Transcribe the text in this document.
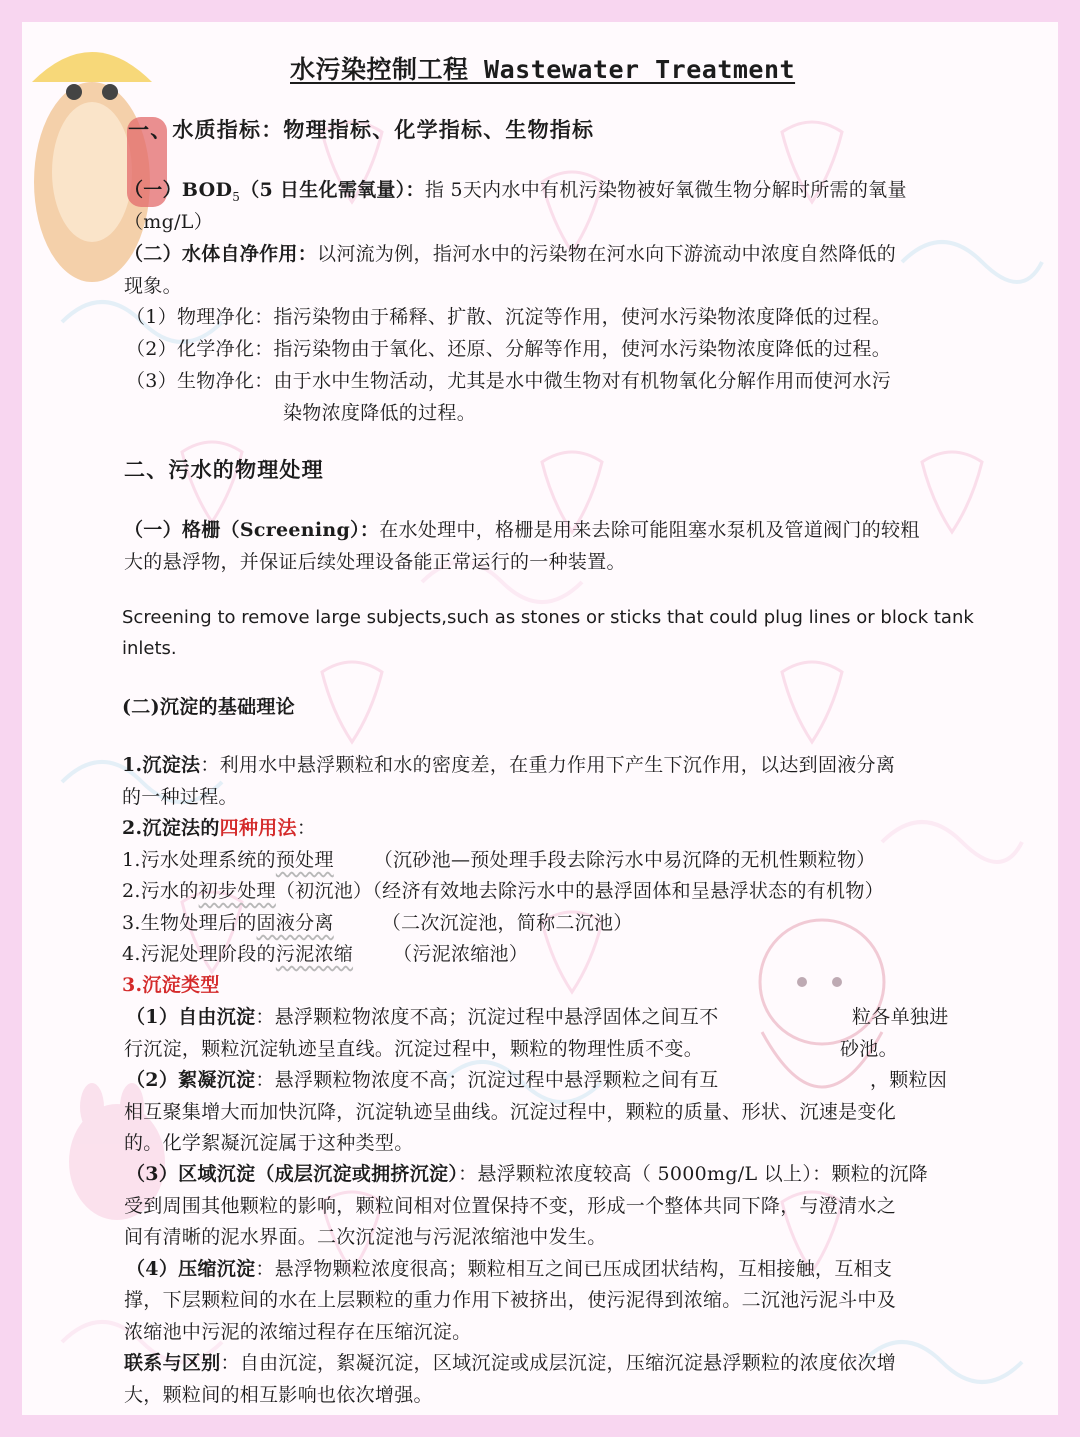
水污染控制工程 Wastewater Treatment

一、水质指标：物理指标、化学指标、生物指标

（一）$BOD_5(5$ 日生化需氧量）：指 5天内水中有机污染物被好氧微生物分解时所需的氧量

（mg/L）

（二）水体自净作用：以河流为例，指河水中的污染物在河水向下游流动中浓度自然降低的

现象。

（1）物理净化：指污染物由于稀释、扩散、沉淀等作用，使河水污染物浓度降低的过程。

（2）化学净化：指污染物由于氧化、还原、分解等作用，使河水污染物浓度降低的过程。

（3）生物净化：由于水中生物活动，尤其是水中微生物对有机物氧化分解作用而使河水污

染物浓度降低的过程。

二、污水的物理处理

（一）格栅（Screening）：在水处理中，格栅是用来去除可能阻塞水泵机及管道阀门的较粗

大的悬浮物，并保证后续处理设备能正常运行的一种装置。

Screening to remove large subjects,such as stones or sticks that could plug lines or block tank

inlets.

(二)沉淀的基础理论

1.沉淀法：利用水中悬浮颗粒和水的密度差，在重力作用下产生下沉作用，以达到固液分离

的一种过程。

2.沉淀法的四种用法：

1.污水处理系统的预处理 （沉砂池—预处理手段去除污水中易沉降的无机性颗粒物）

2.污水的初步处理（初沉池）（经济有效地去除污水中的悬浮固体和呈悬浮状态的有机物）

3.生物处理后的固液分离	（二次沉淀池，简称二沉池）

4.污泥处理阶段的污泥浓缩 （污泥浓缩池）

3.沉淀类型

（1）自由沉淀：悬浮颗粒物浓度不高；沉淀过程中悬浮固体之间互不	粒各单独进

行沉淀，颗粒沉淀轨迹呈直线。沉淀过程中，颗粒的物理性质不变。	砂池。

（2）絮凝沉淀：悬浮颗粒物浓度不高；沉淀过程中悬浮颗粒之间有互	，颗粒因

相互聚集增大而加快沉降，沉淀轨迹呈曲线。沉淀过程中，颗粒的质量、形状、沉速是变化

的。化学絮凝沉淀属于这种类型。

（3）区域沉淀（成层沉淀或拥挤沉淀）：悬浮颗粒浓度较高（ 5000mg/L 以上）：颗粒的沉降

受到周围其他颗粒的影响，颗粒间相对位置保持不变，形成一个整体共同下降，与澄清水之

间有清晰的泥水界面。二次沉淀池与污泥浓缩池中发生。

（4）压缩沉淀：悬浮物颗粒浓度很高；颗粒相互之间已压成团状结构，互相接触，互相支

撑，下层颗粒间的水在上层颗粒的重力作用下被挤出，使污泥得到浓缩。二沉池污泥斗中及

浓缩池中污泥的浓缩过程存在压缩沉淀。

联系与区别：自由沉淀，絮凝沉淀，区域沉淀或成层沉淀，压缩沉淀悬浮颗粒的浓度依次增

大，颗粒间的相互影响也依次增强。
